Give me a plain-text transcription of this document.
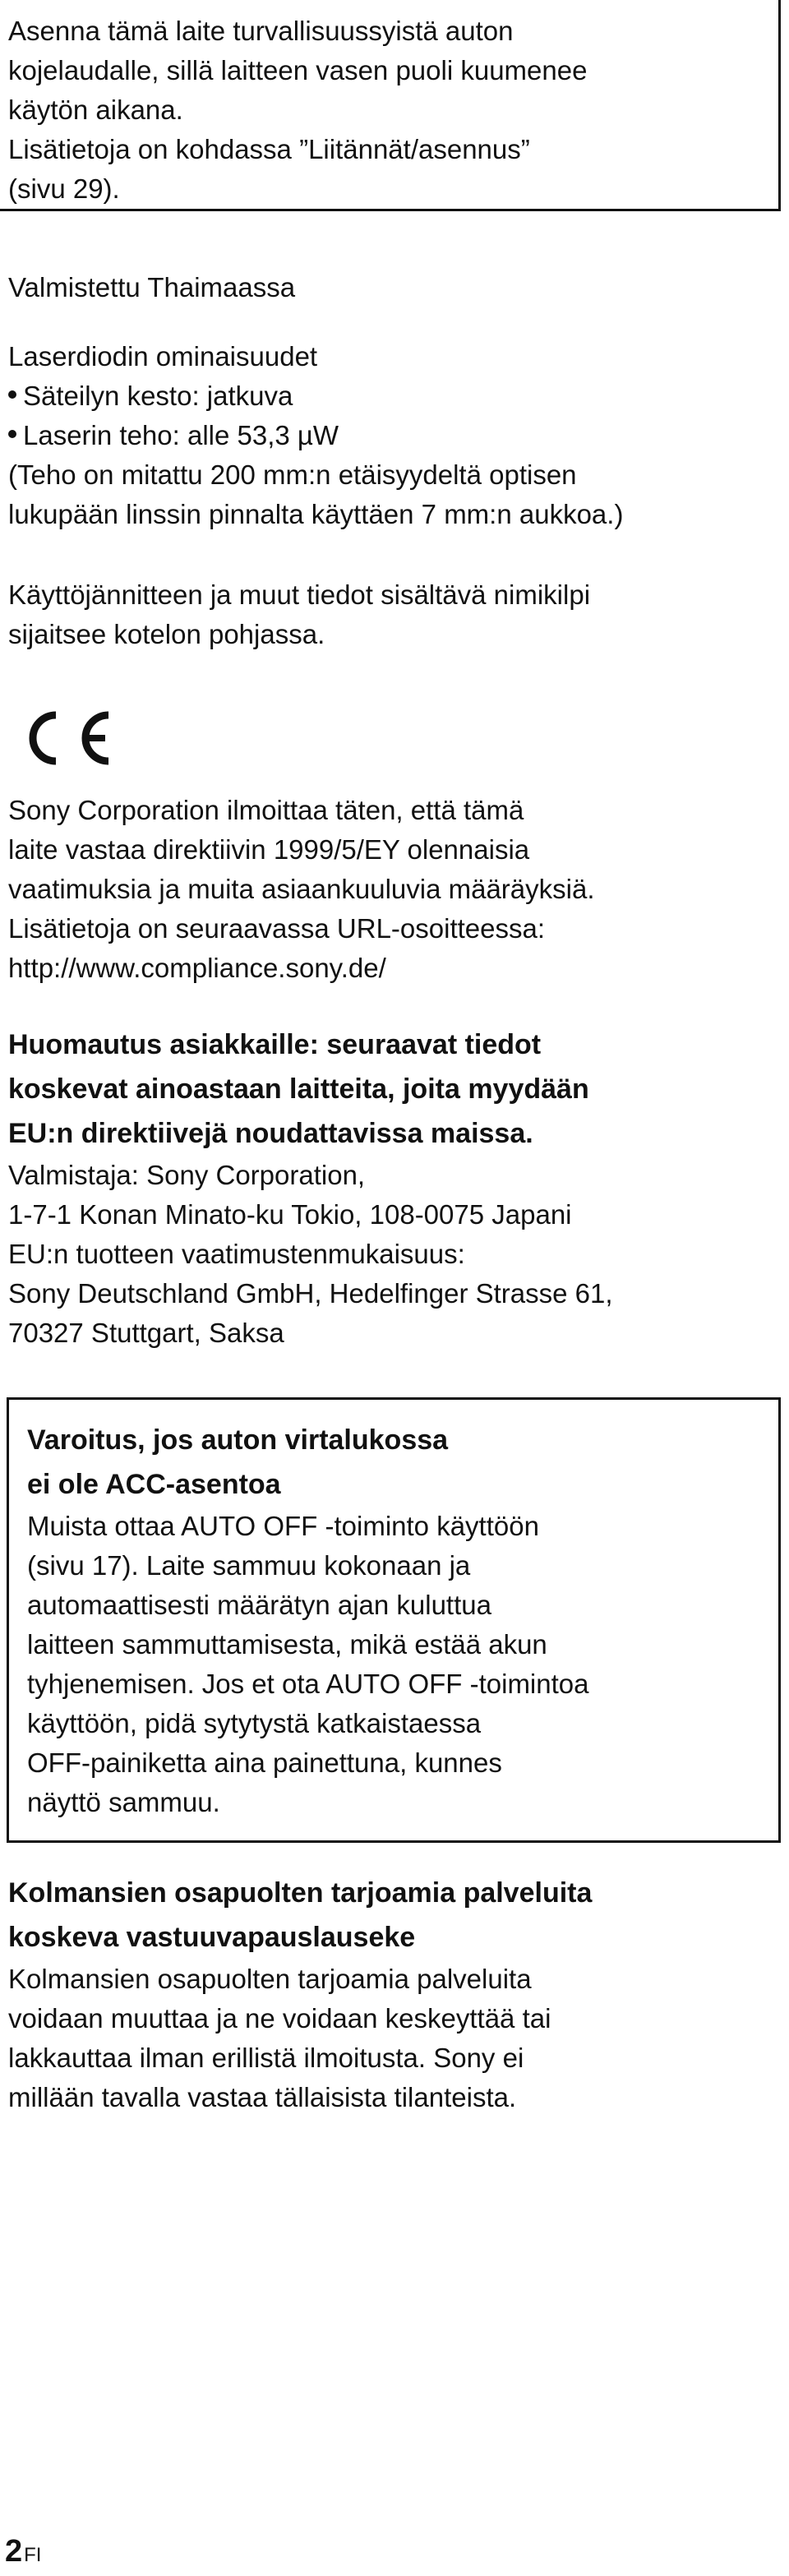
Asenna tämä laite turvallisuussyistä auton

kojelaudalle, sillä laitteen vasen puoli kuumenee

käytön aikana.

Lisätietoja on kohdassa ”Liitännät/asennus”

(sivu 29).

Valmistettu Thaimaassa

Laserdiodin ominaisuudet

Säteilyn kesto: jatkuva

Laserin teho: alle 53,3 µW

(Teho on mitattu 200 mm:n etäisyydeltä optisen

lukupään linssin pinnalta käyttäen 7 mm:n aukkoa.)

Käyttöjännitteen ja muut tiedot sisältävä nimikilpi

sijaitsee kotelon pohjassa.

Sony Corporation ilmoittaa täten, että tämä

laite vastaa direktiivin 1999/5/EY olennaisia

vaatimuksia ja muita asiaankuuluvia määräyksiä.

Lisätietoja on seuraavassa URL-osoitteessa:

http://www.compliance.sony.de/

Huomautus asiakkaille: seuraavat tiedot

koskevat ainoastaan laitteita, joita myydään

EU:n direktiivejä noudattavissa maissa.

Valmistaja: Sony Corporation,

1-7-1 Konan Minato-ku Tokio, 108-0075 Japani

EU:n tuotteen vaatimustenmukaisuus:

Sony Deutschland GmbH, Hedelfinger Strasse 61,

70327 Stuttgart, Saksa

Varoitus, jos auton virtalukossa

ei ole ACC-asentoa

Muista ottaa AUTO OFF -toiminto käyttöön

(sivu 17). Laite sammuu kokonaan ja

automaattisesti määrätyn ajan kuluttua

laitteen sammuttamisesta, mikä estää akun

tyhjenemisen. Jos et ota AUTO OFF -toimintoa

käyttöön, pidä sytytystä katkaistaessa

OFF-painiketta aina painettuna, kunnes

näyttö sammuu.

Kolmansien osapuolten tarjoamia palveluita

koskeva vastuuvapauslauseke

Kolmansien osapuolten tarjoamia palveluita

voidaan muuttaa ja ne voidaan keskeyttää tai

lakkauttaa ilman erillistä ilmoitusta. Sony ei

millään tavalla vastaa tällaisista tilanteista.

2FI
